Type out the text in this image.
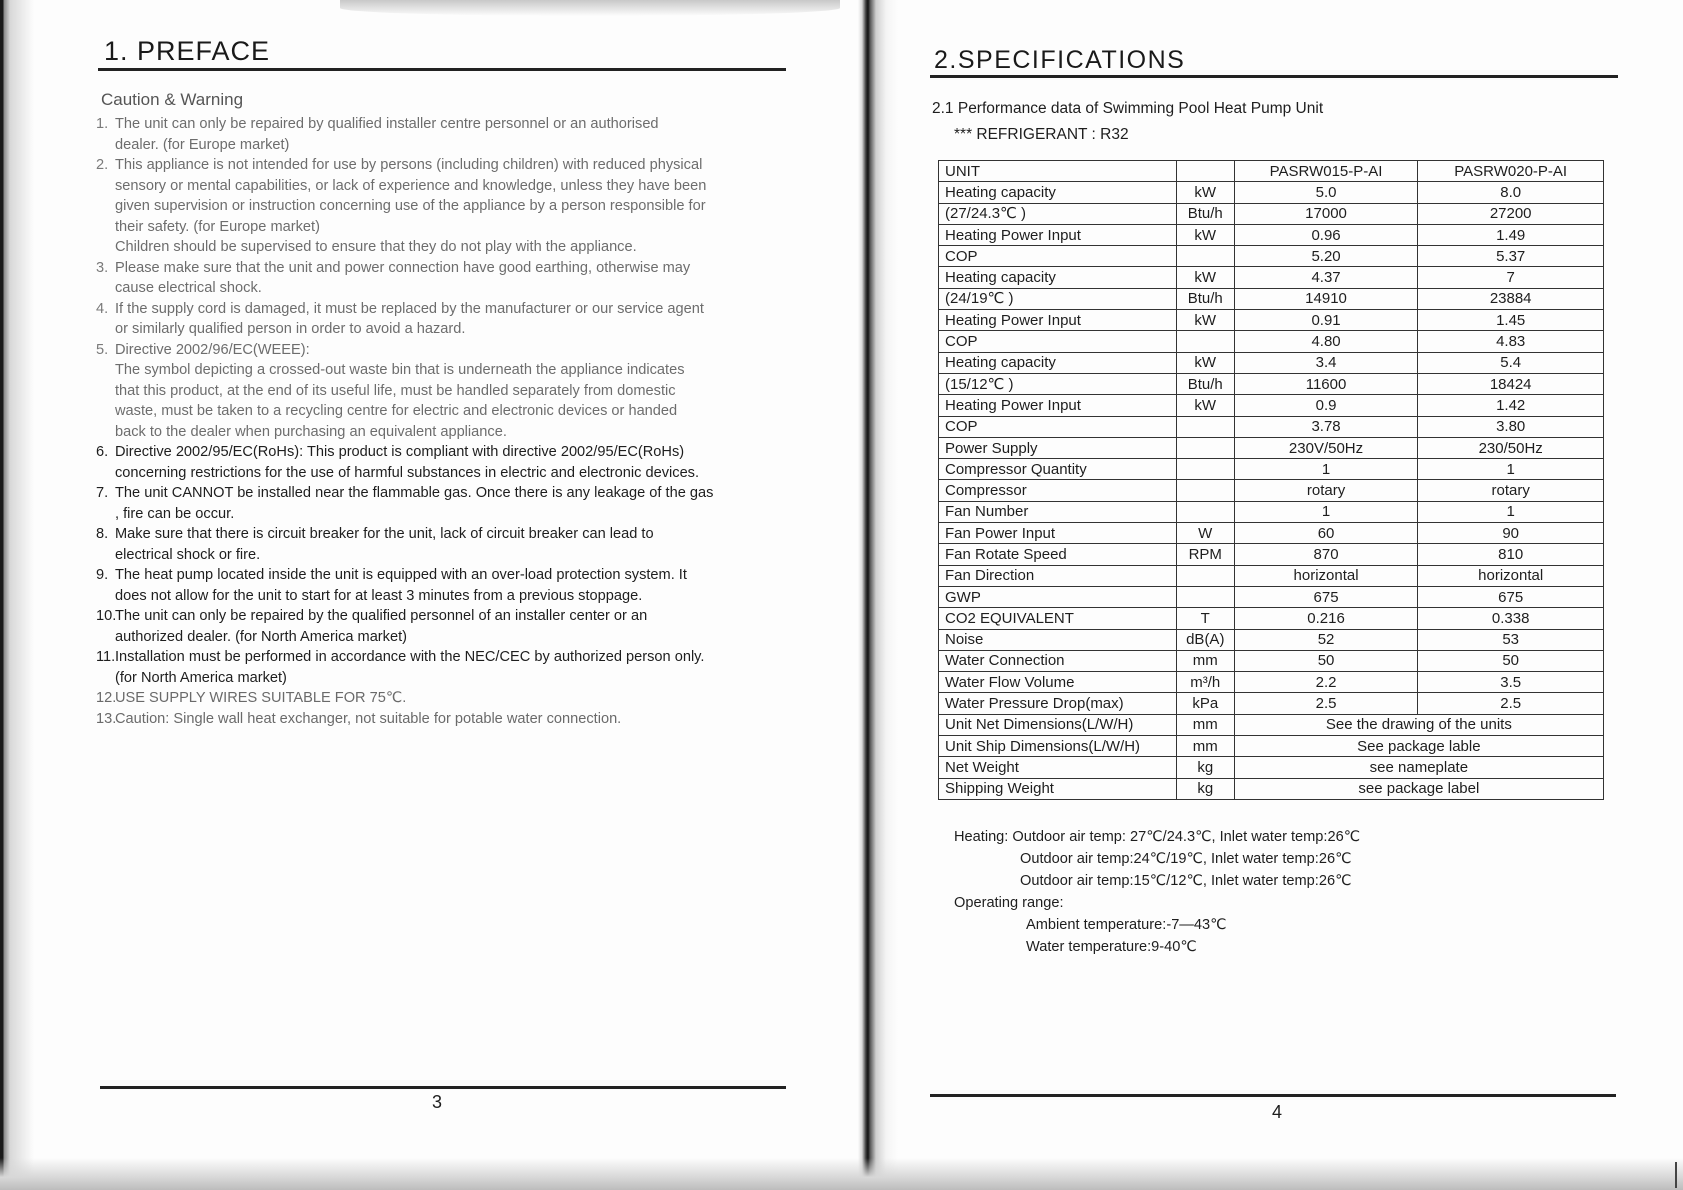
1. PREFACE
Caution & Warning
1. The unit can only be repaired by qualified installer centre personnel or an authorised

dealer. (for Europe market)

2. This appliance is not intended for use by persons (including children) with reduced physical

sensory or mental capabilities, or lack of experience and knowledge, unless they have been

given supervision or instruction concerning use of the appliance by a person responsible for

their safety. (for Europe market)

Children should be supervised to ensure that they do not play with the appliance.

3. Please make sure that the unit and power connection have good earthing, otherwise may

cause electrical shock.

4. If the supply cord is damaged, it must be replaced by the manufacturer or our service agent

or similarly qualified person in order to avoid a hazard.

5. Directive 2002/96/EC(WEEE):

The symbol depicting a crossed-out waste bin that is underneath the appliance indicates

that this product, at the end of its useful life, must be handled separately from domestic

waste, must be taken to a recycling centre for electric and electronic devices or handed

back to the dealer when purchasing an equivalent appliance.

6. Directive 2002/95/EC(RoHs): This product is compliant with directive 2002/95/EC(RoHs)

concerning restrictions for the use of harmful substances in electric and electronic devices.

7. The unit CANNOT be installed near the flammable gas. Once there is any leakage of the gas

, fire can be occur.

8. Make sure that there is circuit breaker for the unit, lack of circuit breaker can lead to

electrical shock or fire.

9. The heat pump located inside the unit is equipped with an over-load protection system. It

does not allow for the unit to start for at least 3 minutes from a previous stoppage.

10.

The unit can only be repaired by the qualified personnel of an installer center or an

authorized dealer. (for North America market)

11. Installation must be performed in accordance with the NEC/CEC by authorized person only.

(for North America market)

12.

USE SUPPLY WIRES SUITABLE FOR 75℃.

13.

Caution: Single wall heat exchanger, not suitable for potable water connection.

3
2.SPECIFICATIONS
2.1 Performance data of Swimming Pool Heat Pump Unit
*** REFRIGERANT : R32
UNIT		PASRW015-P-AI	PASRW020-P-AI
Heating capacity	kW	5.0	8.0
(27/24.3℃ )	Btu/h	17000	27200
Heating Power Input	kW	0.96	1.49
COP		5.20	5.37
Heating capacity	kW	4.37	7
(24/19℃ )	Btu/h	14910	23884
Heating Power Input	kW	0.91	1.45
COP		4.80	4.83
Heating capacity	kW	3.4	5.4
(15/12℃ )	Btu/h	11600	18424
Heating Power Input	kW	0.9	1.42
COP		3.78	3.80
Power Supply		230V/50Hz	230/50Hz
Compressor Quantity		1	1
Compressor		rotary	rotary
Fan Number		1	1
Fan Power Input	W	60	90
Fan Rotate Speed	RPM	870	810
Fan Direction		horizontal	horizontal
GWP		675	675
CO2 EQUIVALENT	T	0.216	0.338
Noise	dB(A)	52	53
Water Connection	mm	50	50
Water Flow Volume	m³/h	2.2	3.5
Water Pressure Drop(max)	kPa	2.5	2.5
Unit Net Dimensions(L/W/H)	mm	See the drawing of the units	
Unit Ship Dimensions(L/W/H)	mm	See package lable	
Net Weight	kg	see nameplate	
Shipping Weight	kg	see package label	
Heating: Outdoor air temp: 27℃/24.3℃, Inlet water temp:26℃
Outdoor air temp:24℃/19℃, Inlet water temp:26℃
Outdoor air temp:15℃/12℃, Inlet water temp:26℃
Operating range:
Ambient temperature:-7—43℃
Water temperature:9-40℃
4
